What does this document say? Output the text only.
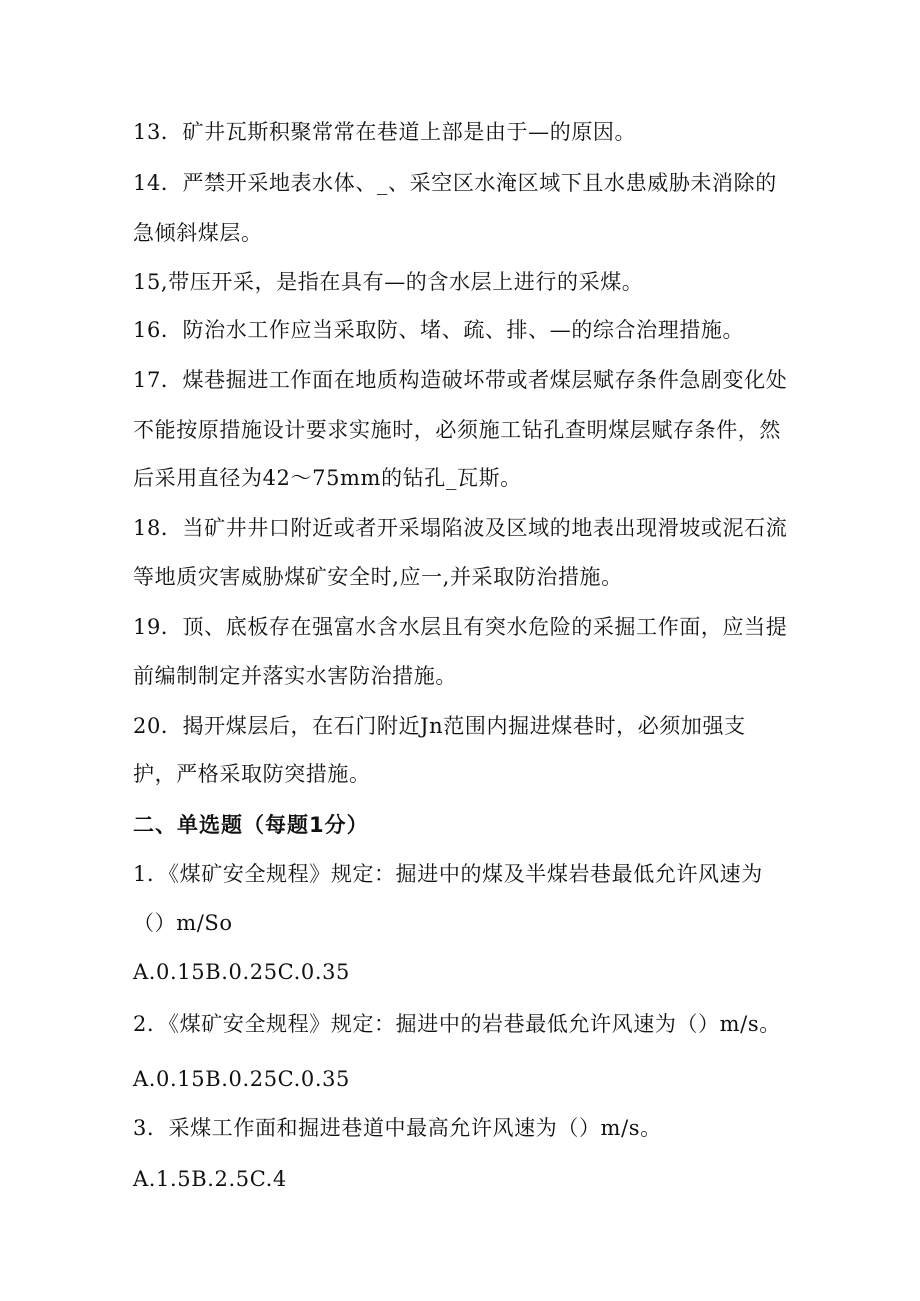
13．矿井瓦斯积聚常常在巷道上部是由于—的原因。
14．严禁开采地表水体、_、采空区水淹区域下且水患威胁未消除的
急倾斜煤层。
15,带压开采，是指在具有—的含水层上进行的采煤。
16．防治水工作应当采取防、堵、疏、排、—的综合治理措施。
17．煤巷掘进工作面在地质构造破坏带或者煤层赋存条件急剧变化处
不能按原措施设计要求实施时，必须施工钻孔查明煤层赋存条件，然
后采用直径为42～75mm的钻孔_瓦斯。
18．当矿井井口附近或者开采塌陷波及区域的地表出现滑坡或泥石流
等地质灾害威胁煤矿安全时,应一,并采取防治措施。
19．顶、底板存在强富水含水层且有突水危险的采掘工作面，应当提
前编制制定并落实水害防治措施。
20．揭开煤层后，在石门附近Jn范围内掘进煤巷时，必须加强支
护，严格采取防突措施。
二、单选题（每题1分）
1．《煤矿安全规程》规定：掘进中的煤及半煤岩巷最低允许风速为
（）m/So
A.0.15B.0.25C.0.35
2．《煤矿安全规程》规定：掘进中的岩巷最低允许风速为（）m/s。
A.0.15B.0.25C.0.35
3．采煤工作面和掘进巷道中最高允许风速为（）m/s。
A.1.5B.2.5C.4
